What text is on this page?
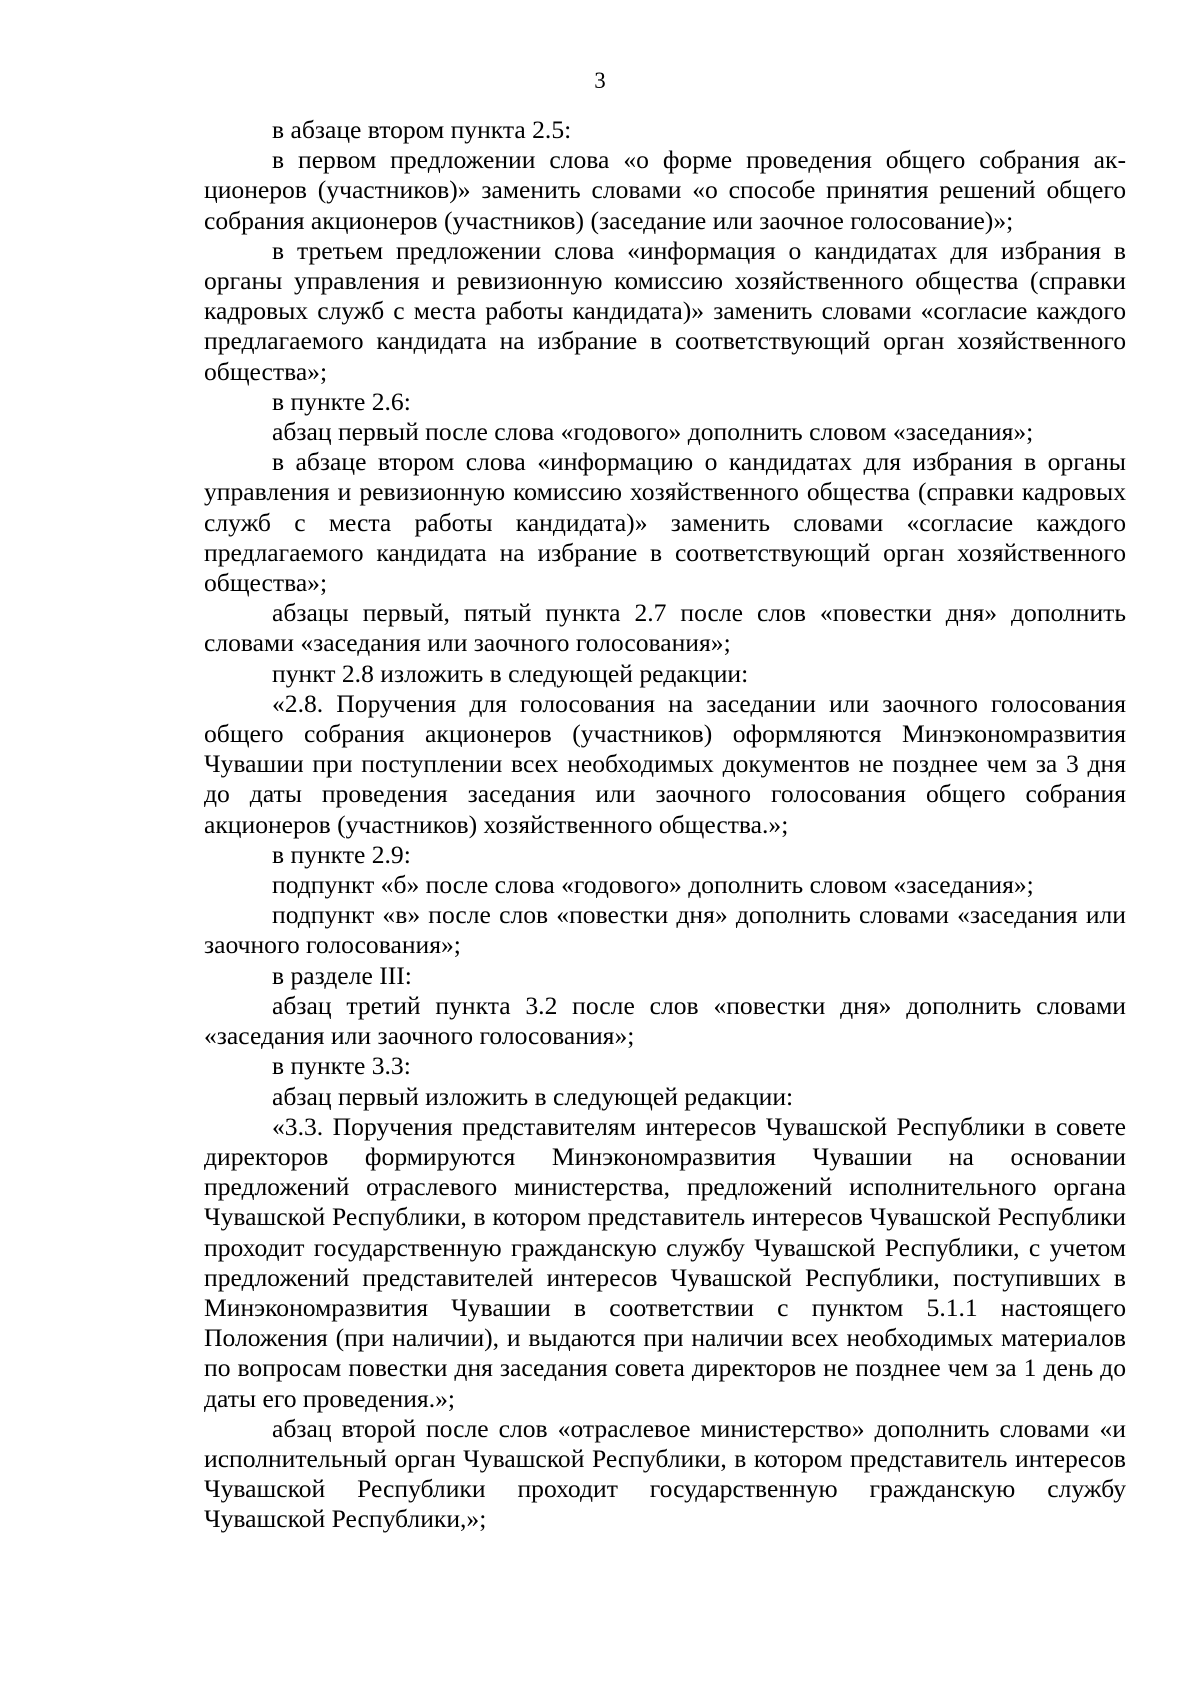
3

в абзаце втором пункта 2.5:

в первом предложении слова «о форме проведения общего собрания акционеров (участников)» заменить словами «о способе принятия решений общего собрания акционеров (участников) (заседание или заочное голосование)»;

в третьем предложении слова «информация о кандидатах для избрания в органы управления и ревизионную комиссию хозяйственного общества (справки кадровых служб с места работы кандидата)» заменить словами «согласие каждого предлагаемого кандидата на избрание в соответствующий орган хозяйственного общества»;

в пункте 2.6:

абзац первый после слова «годового» дополнить словом «заседания»;

в абзаце втором слова «информацию о кандидатах для избрания в органы управления и ревизионную комиссию хозяйственного общества (справки кадровых служб с места работы кандидата)» заменить словами «согласие каждого предлагаемого кандидата на избрание в соответствующий орган хозяйственного общества»;

абзацы первый, пятый пункта 2.7 после слов «повестки дня» дополнить словами «заседания или заочного голосования»;

пункт 2.8 изложить в следующей редакции:

«2.8. Поручения для голосования на заседании или заочного голосования общего собрания акционеров (участников) оформляются Минэкономразвития Чувашии при поступлении всех необходимых документов не позднее чем за 3 дня до даты проведения заседания или заочного голосования общего собрания акционеров (участников) хозяйственного общества.»;

в пункте 2.9:

подпункт «б» после слова «годового» дополнить словом «заседания»;

подпункт «в» после слов «повестки дня» дополнить словами «заседания или заочного голосования»;

в разделе III:

абзац третий пункта 3.2 после слов «повестки дня» дополнить словами «заседания или заочного голосования»;

в пункте 3.3:

абзац первый изложить в следующей редакции:

«3.3. Поручения представителям интересов Чувашской Республики в совете директоров формируются Минэкономразвития Чувашии на основании предложений отраслевого министерства, предложений исполнительного органа Чувашской Республики, в котором представитель интересов Чувашской Республики проходит государственную гражданскую службу Чувашской Республики, с учетом предложений представителей интересов Чувашской Республики, поступивших в Минэкономразвития Чувашии в соответствии с пунктом 5.1.1 настоящего Положения (при наличии), и выдаются при наличии всех необходимых материалов по вопросам повестки дня заседания совета директоров не позднее чем за 1 день до даты его проведения.»;

абзац второй после слов «отраслевое министерство» дополнить словами «и исполнительный орган Чувашской Республики, в котором представитель интересов Чувашской Республики проходит государственную гражданскую службу Чувашской Республики,»;
